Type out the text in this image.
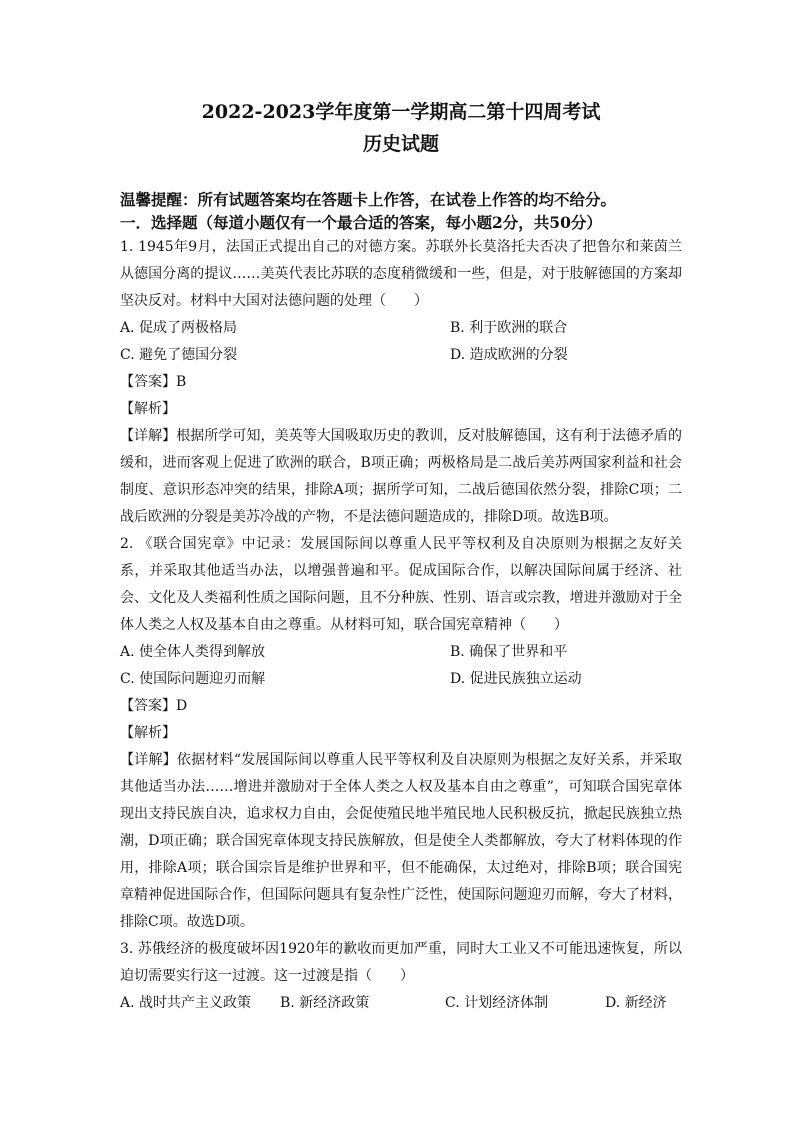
2022-2023学年度第一学期高二第十四周考试
历史试题
温馨提醒：所有试题答案均在答题卡上作答，在试卷上作答的均不给分。
一．选择题（每道小题仅有一个最合适的答案，每小题2分，共50分）

1. 1945年9月，法国正式提出自己的对德方案。苏联外长莫洛托夫否决了把鲁尔和莱茵兰从德国分离的提议……美英代表比苏联的态度稍微缓和一些，但是，对于肢解德国的方案却坚决反对。材料中大国对法德问题的处理（　　）

A. 促成了两极格局	B. 利于欧洲的联合
C. 避免了德国分裂	D. 造成欧洲的分裂
【答案】B
【解析】

【详解】根据所学可知，美英等大国吸取历史的教训，反对肢解德国，这有利于法德矛盾的缓和，进而客观上促进了欧洲的联合，B项正确；两极格局是二战后美苏两国家利益和社会制度、意识形态冲突的结果，排除A项；据所学可知，二战后德国依然分裂，排除C项；二战后欧洲的分裂是美苏冷战的产物，不是法德问题造成的，排除D项。故选B项。

2. 《联合国宪章》中记录：发展国际间以尊重人民平等权利及自决原则为根据之友好关系，并采取其他适当办法，以增强普遍和平。促成国际合作，以解决国际间属于经济、社会、文化及人类福利性质之国际问题，且不分种族、性别、语言或宗教，增进并激励对于全体人类之人权及基本自由之尊重。从材料可知，联合国宪章精神（　　）

A. 使全体人类得到解放	B. 确保了世界和平
C. 使国际问题迎刃而解	D. 促进民族独立运动
【答案】D
【解析】

【详解】依据材料“发展国际间以尊重人民平等权利及自决原则为根据之友好关系，并采取其他适当办法……增进并激励对于全体人类之人权及基本自由之尊重”，可知联合国宪章体现出支持民族自决，追求权力自由，会促使殖民地半殖民地人民积极反抗，掀起民族独立热潮，D项正确；联合国宪章体现支持民族解放，但是使全人类都解放，夸大了材料体现的作用，排除A项；联合国宗旨是维护世界和平，但不能确保，太过绝对，排除B项；联合国宪章精神促进国际合作，但国际问题具有复杂性广泛性，使国际问题迎刃而解，夸大了材料，排除C项。故选D项。

3. 苏俄经济的极度破坏因1920年的歉收而更加严重，同时大工业又不可能迅速恢复，所以迫切需要实行这一过渡。这一过渡是指（　　）

A. 战时共产主义政策	B. 新经济政策	C. 计划经济体制	D. 新经济
